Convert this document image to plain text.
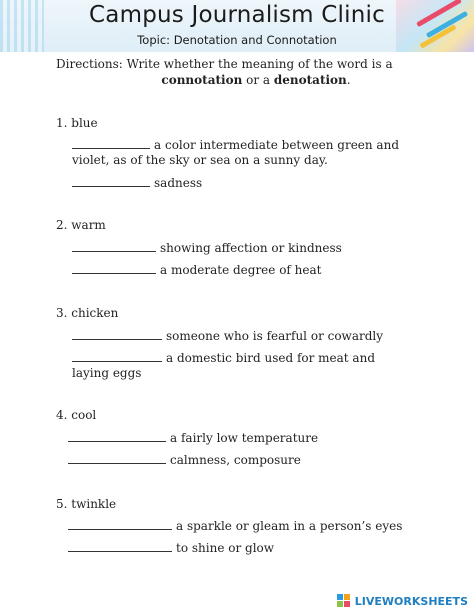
Campus Journalism Clinic
Topic: Denotation and Connotation
Directions: Write whether the meaning of the word is a
connotation or a denotation.
1. blue
a color intermediate between green and violet, as of the sky or sea on a sunny day.
sadness
2. warm
showing affection or kindness
a moderate degree of heat
3. chicken
someone who is fearful or cowardly
a domestic bird used for meat and laying eggs
4. cool
a fairly low temperature
calmness, composure
5. twinkle
a sparkle or gleam in a person’s eyes
to shine or glow
LIVEWORKSHEETS
